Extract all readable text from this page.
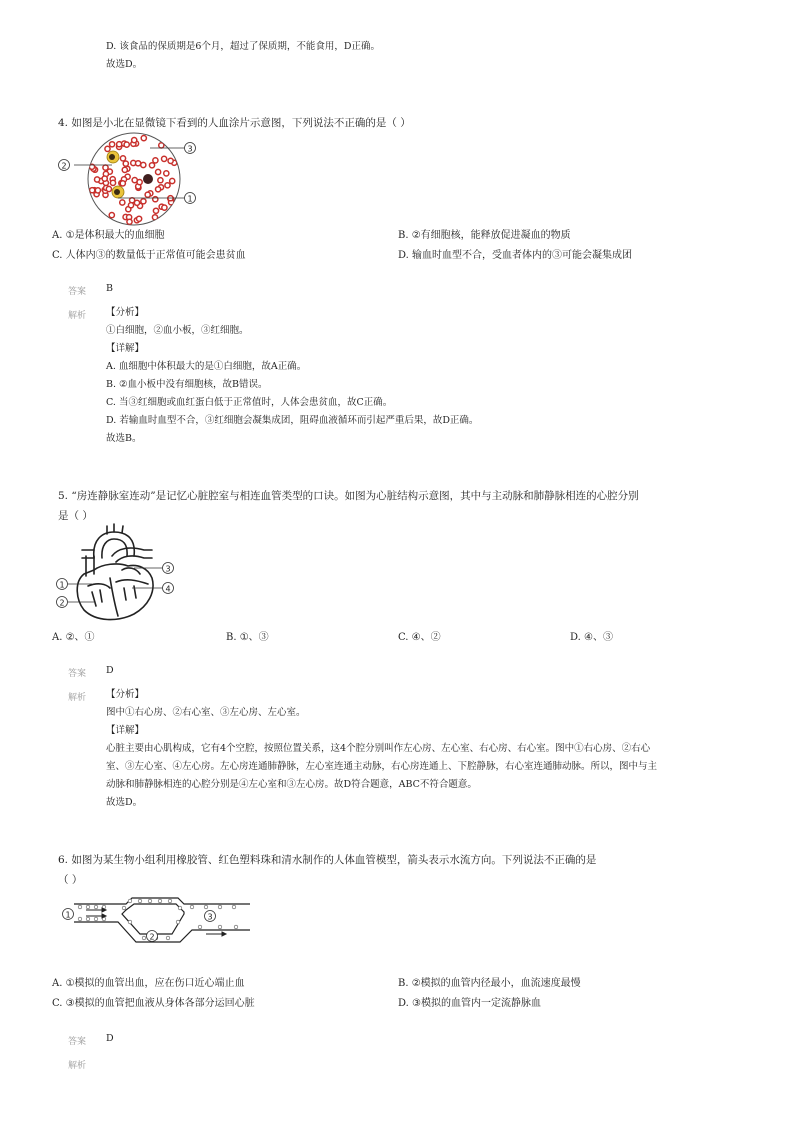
D. 该食品的保质期是6个月，超过了保质期，不能食用，D正确。
故选D。
4. 如图是小北在显微镜下看到的人血涂片示意图，下列说法不正确的是（ ）
2
3
1
A. ①是体积最大的血细胞	B. ②有细胞核，能释放促进凝血的物质
C. 人体内③的数量低于正常值可能会患贫血	D. 输血时血型不合，受血者体内的③可能会凝集成团
答案 B
解析 【分析】
①白细胞，②血小板，③红细胞。
【详解】
A. 血细胞中体积最大的是①白细胞，故A正确。
B. ②血小板中没有细胞核，故B错误。
C. 当③红细胞或血红蛋白低于正常值时，人体会患贫血，故C正确。
D. 若输血时血型不合，③红细胞会凝集成团，阻碍血液循环而引起严重后果，故D正确。
故选B。
5. “房连静脉室连动”是记忆心脏腔室与相连血管类型的口诀。如图为心脏结构示意图，其中与主动脉和肺静脉相连的心腔分别
是（ ）
3
1	4
2
A. ②、①	B. ①、③	C. ④、②	D. ④、③
答案 D
解析 【分析】
图中①右心房、②右心室、③左心房、左心室。
【详解】
心脏主要由心肌构成，它有4个空腔，按照位置关系，这4个腔分别叫作左心房、左心室、右心房、右心室。图中①右心房、②右心
室、③左心室、④左心房。左心房连通肺静脉，左心室连通主动脉，右心房连通上、下腔静脉，右心室连通肺动脉。所以，图中与主
动脉和肺静脉相连的心腔分别是④左心室和③左心房。故D符合题意，ABC不符合题意。
故选D。
6. 如图为某生物小组利用橡胶管、红色塑料珠和清水制作的人体血管模型，箭头表示水流方向。下列说法不正确的是
（ ）
1
2
3
A. ①模拟的血管出血，应在伤口近心端止血	B. ②模拟的血管内径最小，血流速度最慢
C. ③模拟的血管把血液从身体各部分运回心脏	D. ③模拟的血管内一定流静脉血
答案 D
解析
